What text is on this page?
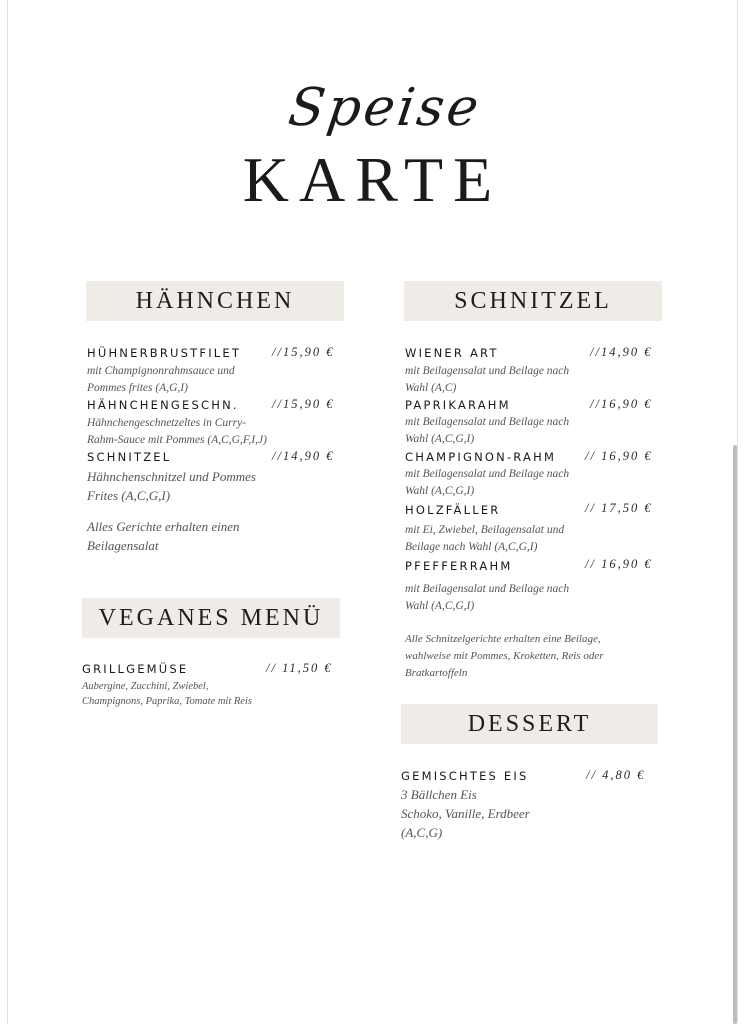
Speise
KARTE
HÄHNCHEN
HÜHNERBRUSTFILET //15,90 €
mit Champignonrahmsauce und
Pommes frites (A,G,I)
HÄHNCHENGESCHN.	//15,90 €
Hähnchengeschnetzeltes in Curry-
Rahm-Sauce mit Pommes (A,C,G,F,I,J)
SCHNITZEL	//14,90 €
Hähnchenschnitzel und Pommes
Frites (A,C,G,I)
Alles Gerichte erhalten einen
Beilagensalat
VEGANES MENÜ
GRILLGEMÜSE	// 11,50 €
Aubergine, Zucchini, Zwiebel,
Champignons, Paprika, Tomate mit Reis
SCHNITZEL
WIENER ART	//14,90 €
mit Beilagensalat und Beilage nach
Wahl (A,C)
PAPRIKARAHM	//16,90 €
mit Beilagensalat und Beilage nach
Wahl (A,C,G,I)
CHAMPIGNON-RAHM // 16,90 €
mit Beilagensalat und Beilage nach
Wahl (A,C,G,I)
HOLZFÄLLER	// 17,50 €
mit Ei, Zwiebel, Beilagensalat und
Beilage nach Wahl (A,C,G,I)
PFEFFERRAHM	// 16,90 €
mit Beilagensalat und Beilage nach
Wahl (A,C,G,I)
Alle Schnitzelgerichte erhalten eine Beilage,
wahlweise mit Pommes, Kroketten, Reis oder
Bratkartoffeln
DESSERT
GEMISCHTES EIS	// 4,80 €
3 Bällchen Eis
Schoko, Vanille, Erdbeer
(A,C,G)
